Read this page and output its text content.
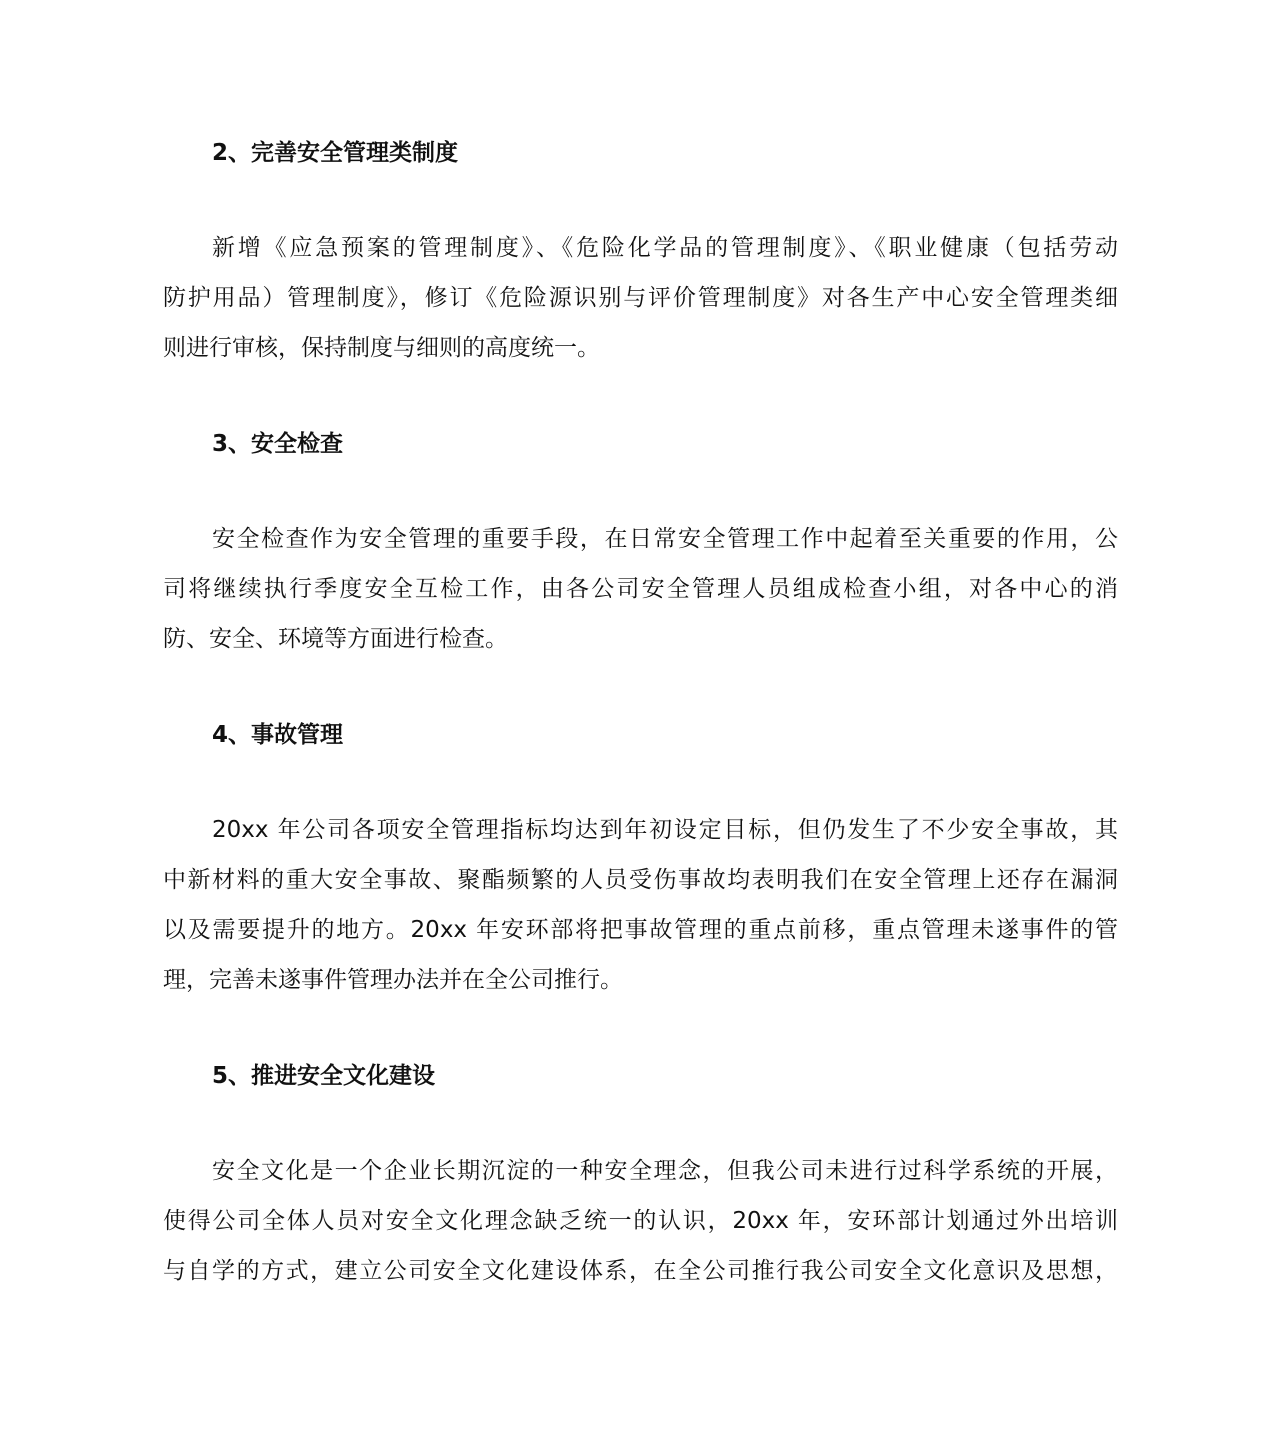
2、完善安全管理类制度
新增《应急预案的管理制度》、《危险化学品的管理制度》、《职业健康（包括劳动
防护用品）管理制度》，修订《危险源识别与评价管理制度》对各生产中心安全管理类细
则进行审核，保持制度与细则的高度统一。
3、安全检查
安全检查作为安全管理的重要手段，在日常安全管理工作中起着至关重要的作用，公
司将继续执行季度安全互检工作，由各公司安全管理人员组成检查小组，对各中心的消
防、安全、环境等方面进行检查。
4、事故管理
20xx 年公司各项安全管理指标均达到年初设定目标，但仍发生了不少安全事故，其
中新材料的重大安全事故、聚酯频繁的人员受伤事故均表明我们在安全管理上还存在漏洞
以及需要提升的地方。20xx 年安环部将把事故管理的重点前移，重点管理未遂事件的管
理，完善未遂事件管理办法并在全公司推行。
5、推进安全文化建设
安全文化是一个企业长期沉淀的一种安全理念，但我公司未进行过科学系统的开展，
使得公司全体人员对安全文化理念缺乏统一的认识，20xx 年，安环部计划通过外出培训
与自学的方式，建立公司安全文化建设体系，在全公司推行我公司安全文化意识及思想，
